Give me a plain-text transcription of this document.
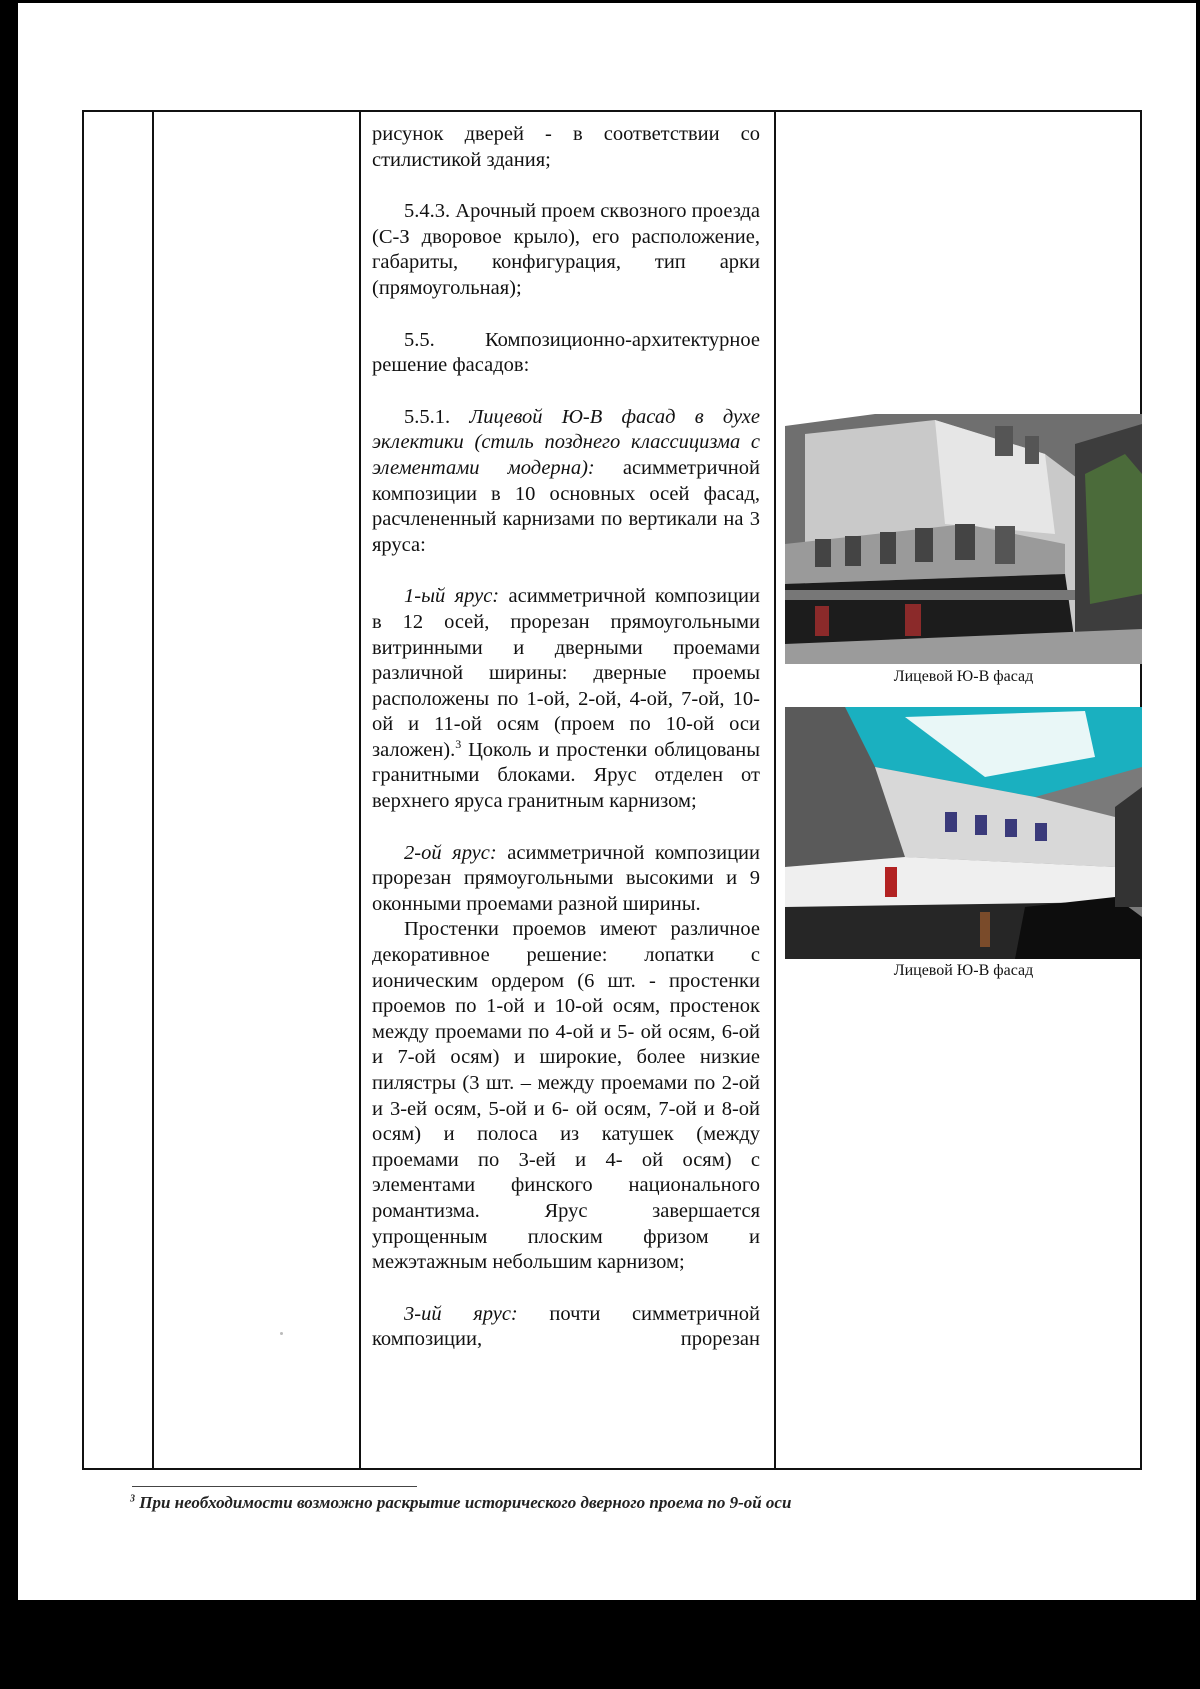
рисунок дверей - в соответствии со стилистикой здания;

5.4.3. Арочный проем сквозного проезда (С-З дворовое крыло), его расположение, габариты, конфигурация, тип арки (прямоугольная);

5.5. Композиционно-архитектурное решение фасадов:

5.5.1. Лицевой Ю-В фасад в духе эклектики (стиль позднего классицизма с элементами модерна): асимметричной композиции в 10 основных осей фасад, расчлененный карнизами по вертикали на 3 яруса:

1-ый ярус: асимметричной композиции в 12 осей, прорезан прямоугольными витринными и дверными проемами различной ширины: дверные проемы расположены по 1-ой, 2-ой, 4-ой, 7-ой, 10-ой и 11-ой осям (проем по 10-ой оси заложен).$^3$ Цоколь и простенки облицованы гранитными блоками. Ярус отделен от верхнего яруса гранитным карнизом;

2-ой ярус: асимметричной композиции прорезан прямоугольными высокими и 9 оконными проемами разной ширины.

Простенки проемов имеют различное декоративное решение: лопатки с ионическим ордером (6 шт. - простенки проемов по 1-ой и 10-ой осям, простенок между проемами по 4-ой и 5- ой осям, 6-ой и 7-ой осям) и широкие, более низкие пилястры (3 шт. – между проемами по 2-ой и 3-ей осям, 5-ой и 6- ой осям, 7-ой и 8-ой осям) и полоса из катушек (между проемами по 3-ей и 4- ой осям) с элементами финского национального романтизма. Ярус завершается упрощенным плоским фризом и межэтажным небольшим карнизом;

3-ий ярус: почти симметричной композиции, прорезан

Лицевой Ю-В фасад
Лицевой Ю-В фасад
$^3$ При необходимости возможно раскрытие исторического дверного проема по 9-ой оси
